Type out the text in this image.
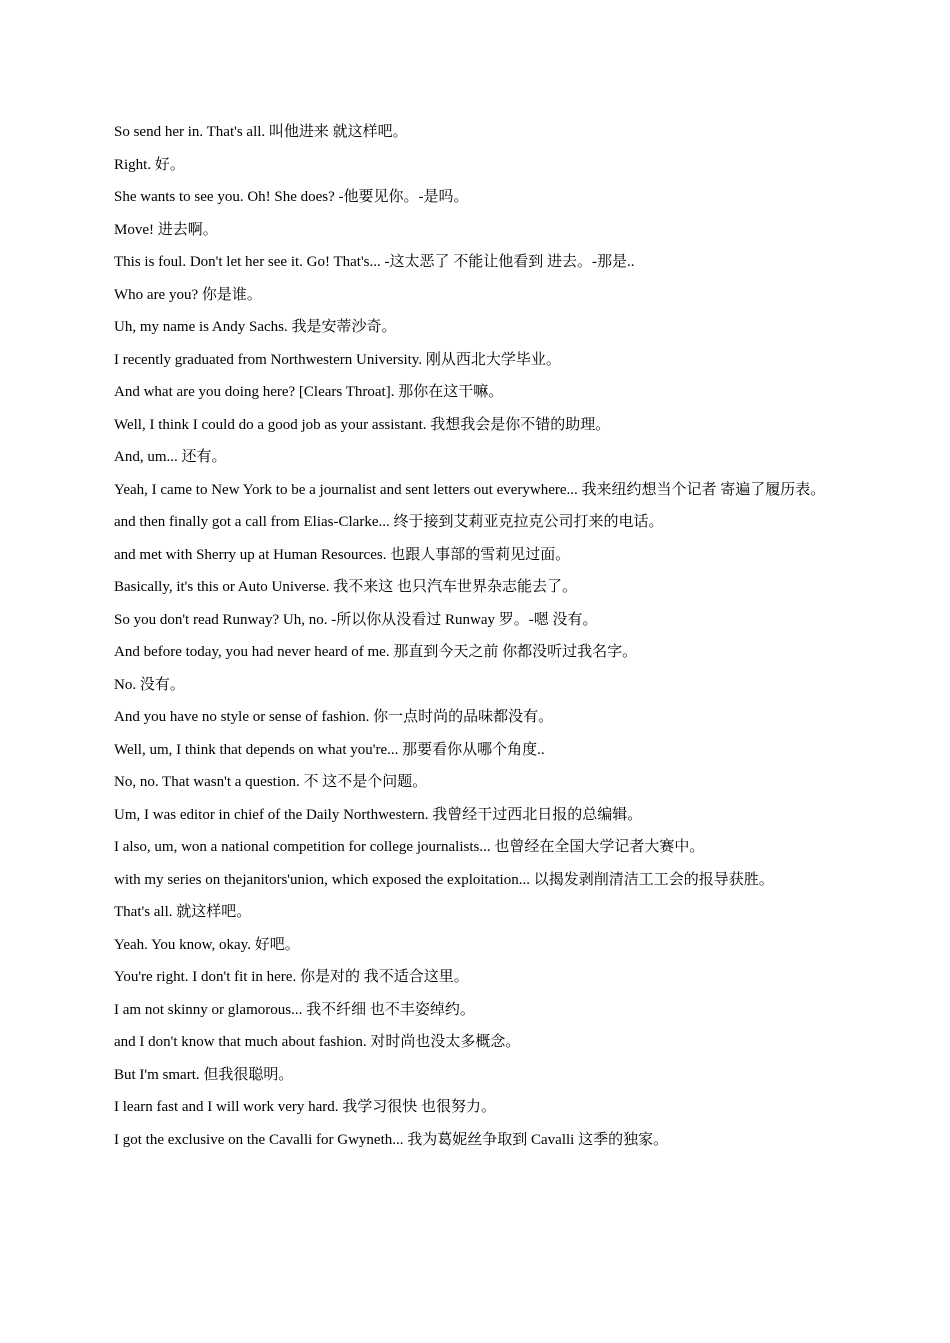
So send her in. That's all. 叫他进来 就这样吧。

Right. 好。

She wants to see you. Oh! She does? -他要见你。-是吗。

Move! 进去啊。

This is foul. Don't let her see it. Go! That's... -这太恶了 不能让他看到 进去。-那是..

Who are you? 你是谁。

Uh, my name is Andy Sachs. 我是安蒂沙奇。

I recently graduated from Northwestern University. 刚从西北大学毕业。

And what are you doing here? [Clears Throat]. 那你在这干嘛。

Well, I think I could do a good job as your assistant. 我想我会是你不错的助理。

And, um... 还有。

Yeah, I came to New York to be a journalist and sent letters out everywhere... 我来纽约想当个记者 寄遍了履历表。

and then finally got a call from Elias-Clarke... 终于接到艾莉亚克拉克公司打来的电话。

and met with Sherry up at Human Resources. 也跟人事部的雪莉见过面。

Basically, it's this or Auto Universe. 我不来这 也只汽车世界杂志能去了。

So you don't read Runway? Uh, no. -所以你从没看过 Runway 罗。-嗯 没有。

And before today, you had never heard of me. 那直到今天之前 你都没听过我名字。

No. 没有。

And you have no style or sense of fashion. 你一点时尚的品味都没有。

Well, um, I think that depends on what you're... 那要看你从哪个角度..

No, no. That wasn't a question. 不 这不是个问题。

Um, I was editor in chief of the Daily Northwestern. 我曾经干过西北日报的总编辑。

I also, um, won a national competition for college journalists... 也曾经在全国大学记者大赛中。

with my series on thejanitors'union, which exposed the exploitation... 以揭发剥削清洁工工会的报导获胜。

That's all. 就这样吧。

Yeah. You know, okay. 好吧。

You're right. I don't fit in here. 你是对的 我不适合这里。

I am not skinny or glamorous... 我不纤细 也不丰姿绰约。

and I don't know that much about fashion. 对时尚也没太多概念。

But I'm smart. 但我很聪明。

I learn fast and I will work very hard. 我学习很快 也很努力。

I got the exclusive on the Cavalli for Gwyneth... 我为葛妮丝争取到 Cavalli 这季的独家。
